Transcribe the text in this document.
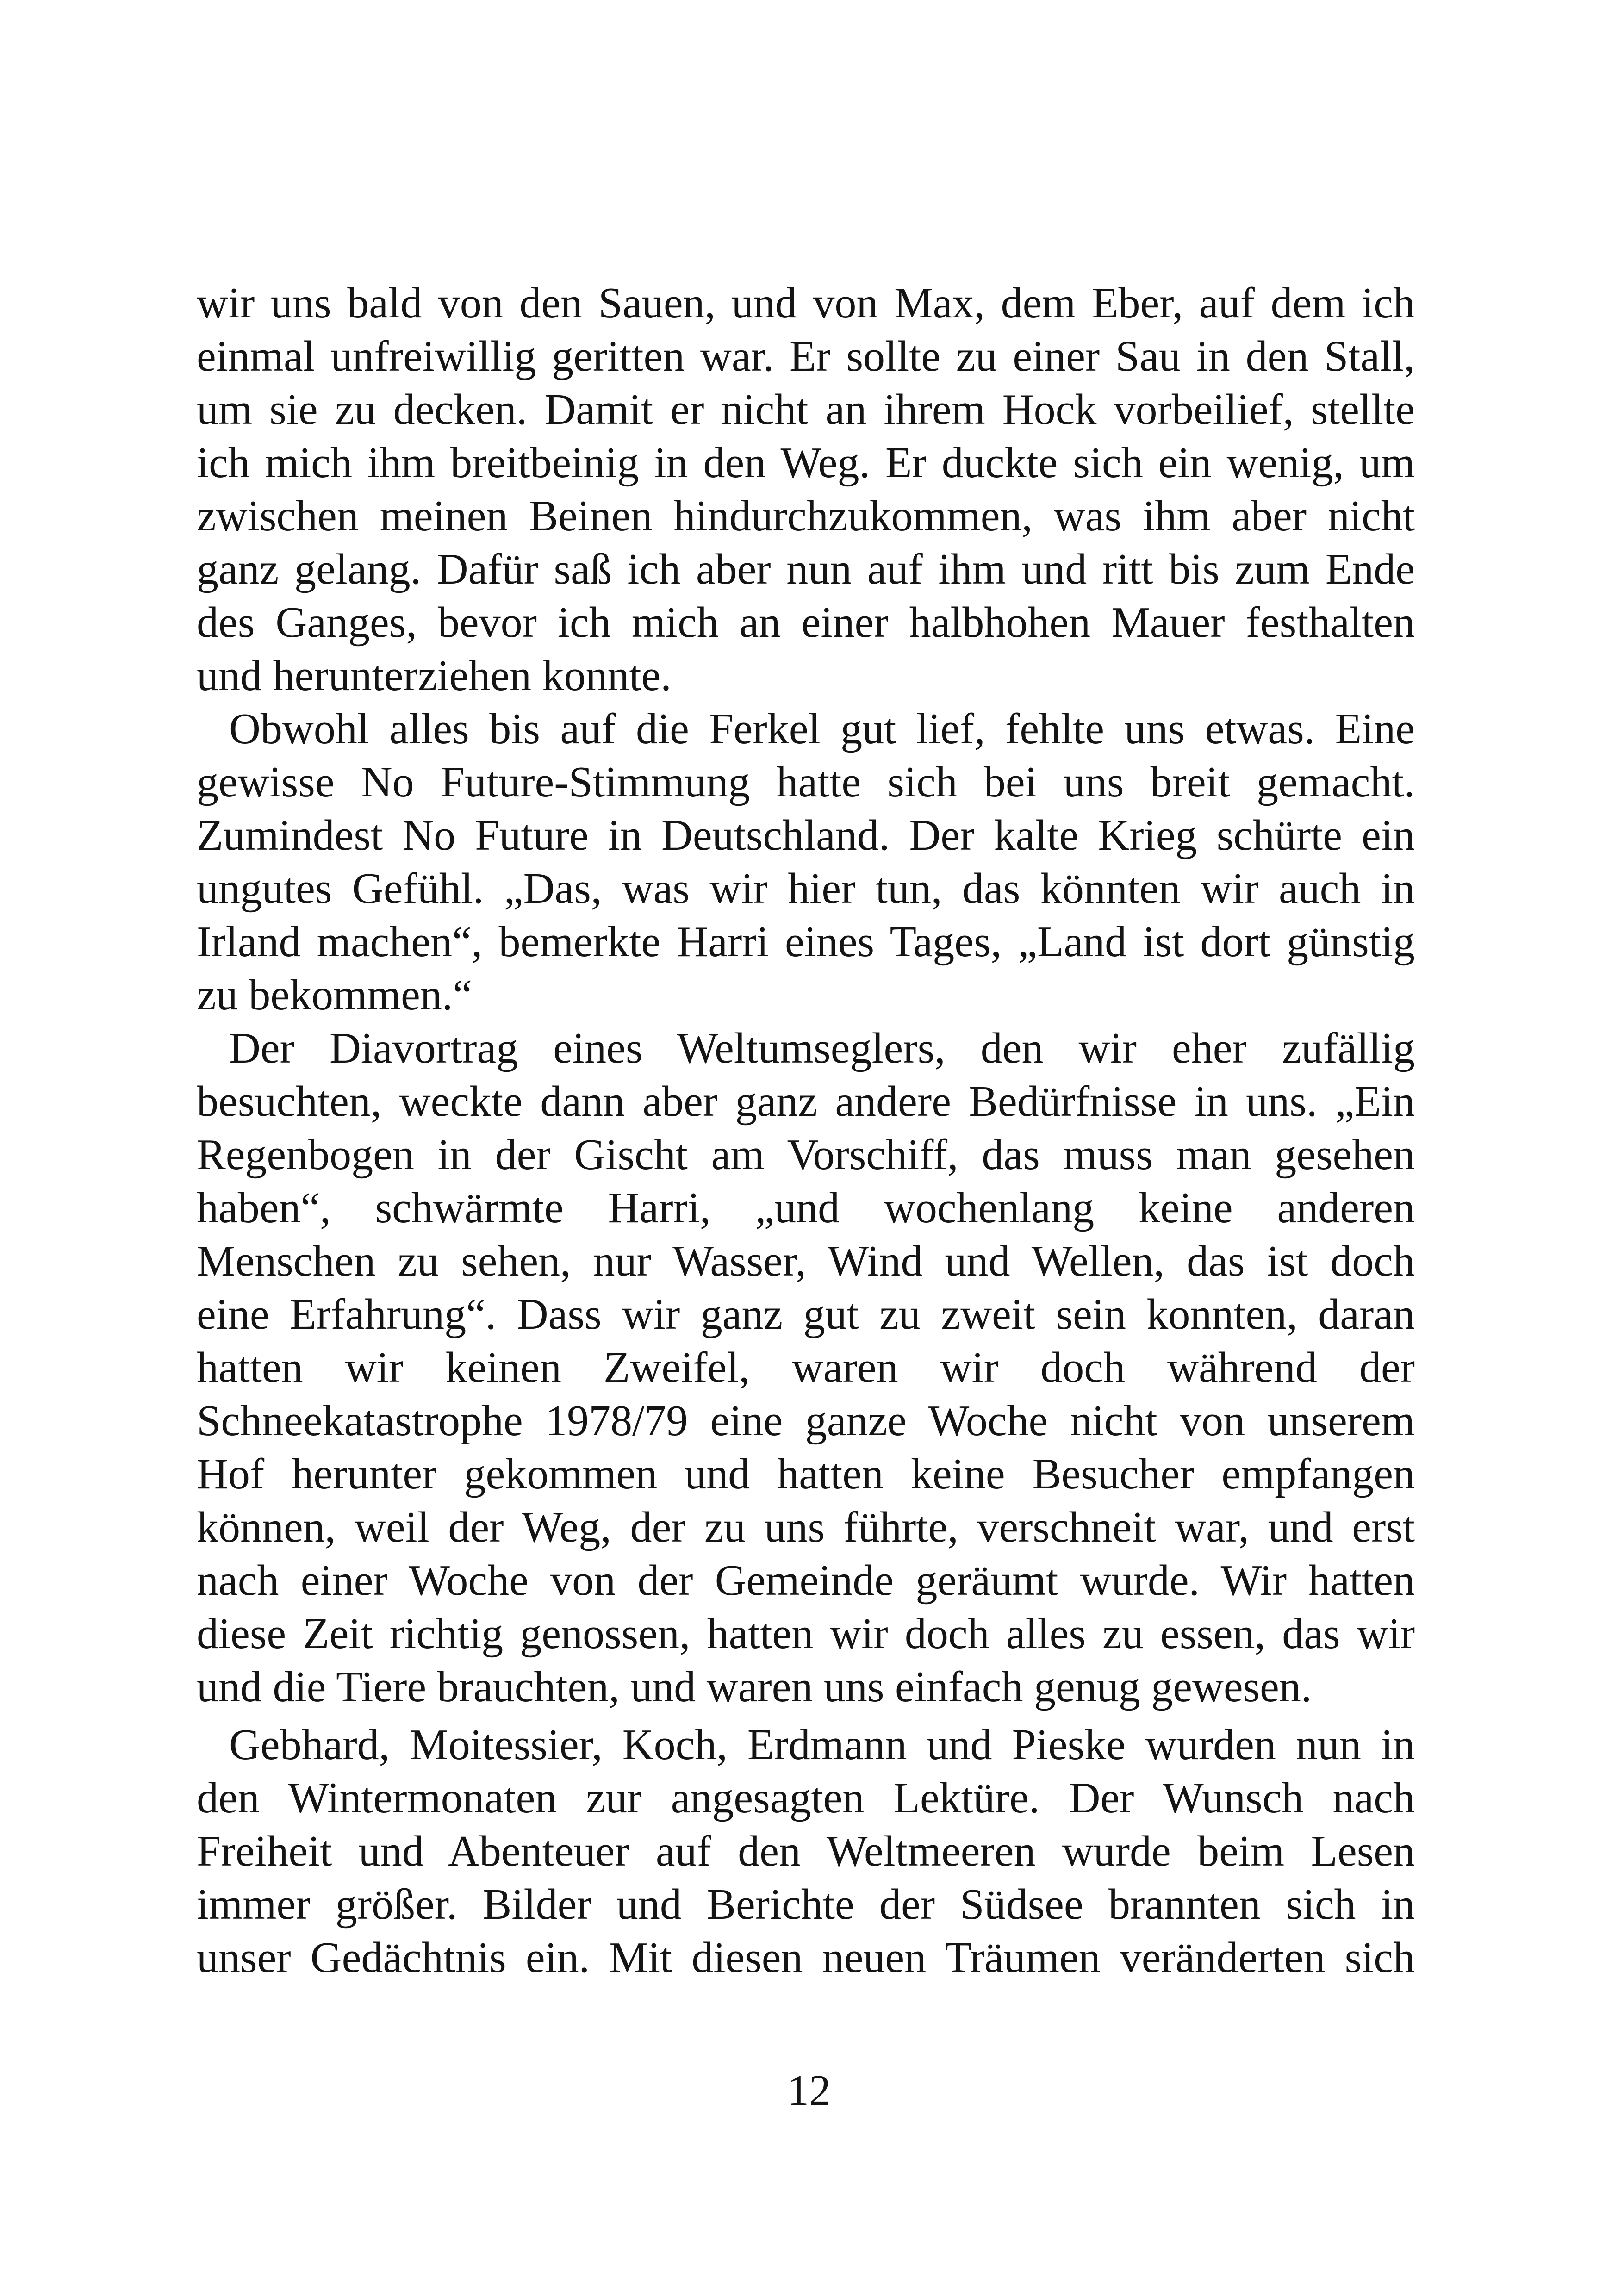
wir uns bald von den Sauen, und von Max, dem Eber, auf dem ich
einmal unfreiwillig geritten war. Er sollte zu einer Sau in den Stall,
um sie zu decken. Damit er nicht an ihrem Hock vorbeilief, stellte
ich mich ihm breitbeinig in den Weg. Er duckte sich ein wenig, um
zwischen meinen Beinen hindurchzukommen, was ihm aber nicht
ganz gelang. Dafür saß ich aber nun auf ihm und ritt bis zum Ende
des Ganges, bevor ich mich an einer halbhohen Mauer festhalten
und herunterziehen konnte.
Obwohl alles bis auf die Ferkel gut lief, fehlte uns etwas. Eine
gewisse No Future-Stimmung hatte sich bei uns breit gemacht.
Zumindest No Future in Deutschland. Der kalte Krieg schürte ein
ungutes Gefühl. „Das, was wir hier tun, das könnten wir auch in
Irland machen“, bemerkte Harri eines Tages, „Land ist dort günstig
zu bekommen.“
Der Diavortrag eines Weltumseglers, den wir eher zufällig
besuchten, weckte dann aber ganz andere Bedürfnisse in uns. „Ein
Regenbogen in der Gischt am Vorschiff, das muss man gesehen
haben“, schwärmte Harri, „und wochenlang keine anderen
Menschen zu sehen, nur Wasser, Wind und Wellen, das ist doch
eine Erfahrung“. Dass wir ganz gut zu zweit sein konnten, daran
hatten wir keinen Zweifel, waren wir doch während der
Schneekatastrophe 1978/79 eine ganze Woche nicht von unserem
Hof herunter gekommen und hatten keine Besucher empfangen
können, weil der Weg, der zu uns führte, verschneit war, und erst
nach einer Woche von der Gemeinde geräumt wurde. Wir hatten
diese Zeit richtig genossen, hatten wir doch alles zu essen, das wir
und die Tiere brauchten, und waren uns einfach genug gewesen.
Gebhard, Moitessier, Koch, Erdmann und Pieske wurden nun in
den Wintermonaten zur angesagten Lektüre. Der Wunsch nach
Freiheit und Abenteuer auf den Weltmeeren wurde beim Lesen
immer größer. Bilder und Berichte der Südsee brannten sich in
unser Gedächtnis ein. Mit diesen neuen Träumen veränderten sich
12
